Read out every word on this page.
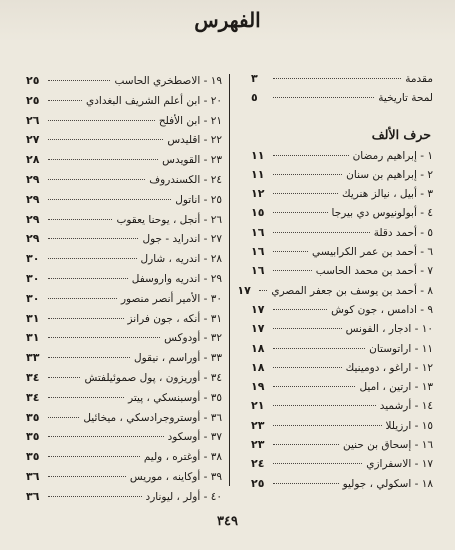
الفهرس
مقدمة
٣
لمحة تاريخية
٥
حرف الألف
١ - إبراهيم رمضان
١١
٢ - إبراهيم بن سنان
١١
٣ - أبيل ، نيالز هنريك
١٢
٤ - أبولونيوس دي بيرجا
١٥
٥ - أحمد دقلة
١٦
٦ - أحمد بن عمر الكرابيسي
١٦
٧ - أحمد بن محمد الحاسب
١٦
٨ - أحمد بن يوسف بن جعفر المصري
١٧
٩ - ادامس ، جون كوش
١٧
١٠ - ادجار ، الفونس
١٧
١١ - اراتوستان
١٨
١٢ - اراغو ، دومينيك
١٨
١٣ - ارتين ، اميل
١٩
١٤ - أرشميد
٢١
١٥ - ارزيللا
٢٣
١٦ - إسحاق بن حنين
٢٣
١٧ - الاسفرازي
٢٤
١٨ - اسكولي ، جوليو
٢٥
١٩ - الاصطخري الحاسب
٢٥
٢٠ - ابن أعلم الشريف البغدادي
٢٥
٢١ - ابن الأفلح
٢٦
٢٢ - اقليدس
٢٧
٢٣ - القويدس
٢٨
٢٤ - الكسندروف
٢٩
٢٥ - اناتول
٢٩
٢٦ - أنجل ، يوحنا يعقوب
٢٩
٢٧ - اندراید - جول
٢٩
٢٨ - اندريه ، شارل
٣٠
٢٩ - اندريه واروسفل
٣٠
٣٠ - الأمير أنصر منصور
٣٠
٣١ - أنكه ، جون فرانز
٣١
٣٢ - أودوكس
٣١
٣٣ - أوراسم ، نيقول
٣٣
٣٤ - أوريزون ، پول صموئيلفتش
٣٤
٣٥ - أوسبنسكي ، پيتر
٣٤
٣٦ - أوستروجرادسكي ، ميخائيل
٣٥
٣٧ - أوسكود
٣٥
٣٨ - أوغتره ، وليم
٣٥
٣٩ - أوكاينه ، موريس
٣٦
٤٠ - أولر ، ليونارد
٣٦
٣٤٩
